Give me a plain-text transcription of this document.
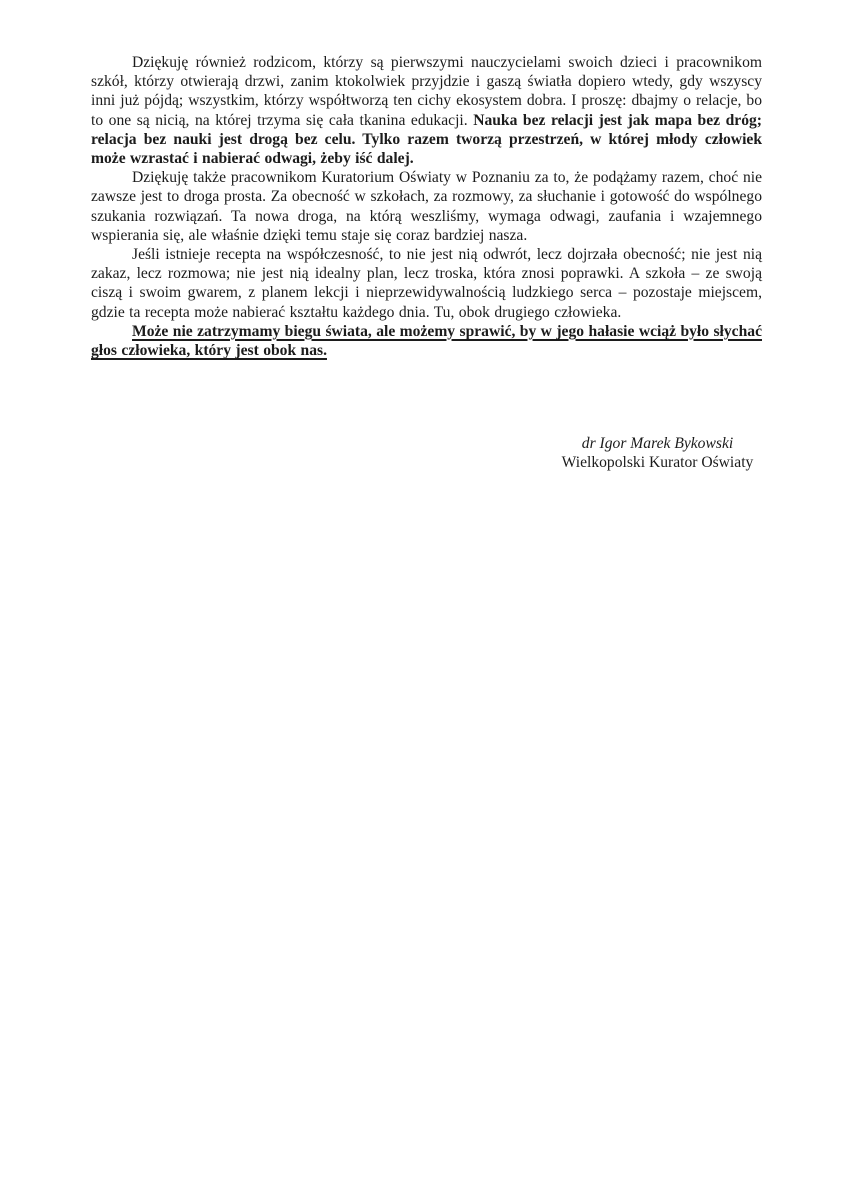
Dziękuję również rodzicom, którzy są pierwszymi nauczycielami swoich dzieci i pracownikom szkół, którzy otwierają drzwi, zanim ktokolwiek przyjdzie i gaszą światła dopiero wtedy, gdy wszyscy inni już pójdą; wszystkim, którzy współtworzą ten cichy ekosystem dobra. I proszę: dbajmy o relacje, bo to one są nicią, na której trzyma się cała tkanina edukacji. Nauka bez relacji jest jak mapa bez dróg; relacja bez nauki jest drogą bez celu. Tylko razem tworzą przestrzeń, w której młody człowiek może wzrastać i nabierać odwagi, żeby iść dalej.

Dziękuję także pracownikom Kuratorium Oświaty w Poznaniu za to, że podążamy razem, choć nie zawsze jest to droga prosta. Za obecność w szkołach, za rozmowy, za słuchanie i gotowość do wspólnego szukania rozwiązań. Ta nowa droga, na którą weszliśmy, wymaga odwagi, zaufania i wzajemnego wspierania się, ale właśnie dzięki temu staje się coraz bardziej nasza.

Jeśli istnieje recepta na współczesność, to nie jest nią odwrót, lecz dojrzała obecność; nie jest nią zakaz, lecz rozmowa; nie jest nią idealny plan, lecz troska, która znosi poprawki. A szkoła – ze swoją ciszą i swoim gwarem, z planem lekcji i nieprzewidywalnością ludzkiego serca – pozostaje miejscem, gdzie ta recepta może nabierać kształtu każdego dnia. Tu, obok drugiego człowieka.

Może nie zatrzymamy biegu świata, ale możemy sprawić, by w jego hałasie wciąż było słychać głos człowieka, który jest obok nas.

dr Igor Marek Bykowski
Wielkopolski Kurator Oświaty
